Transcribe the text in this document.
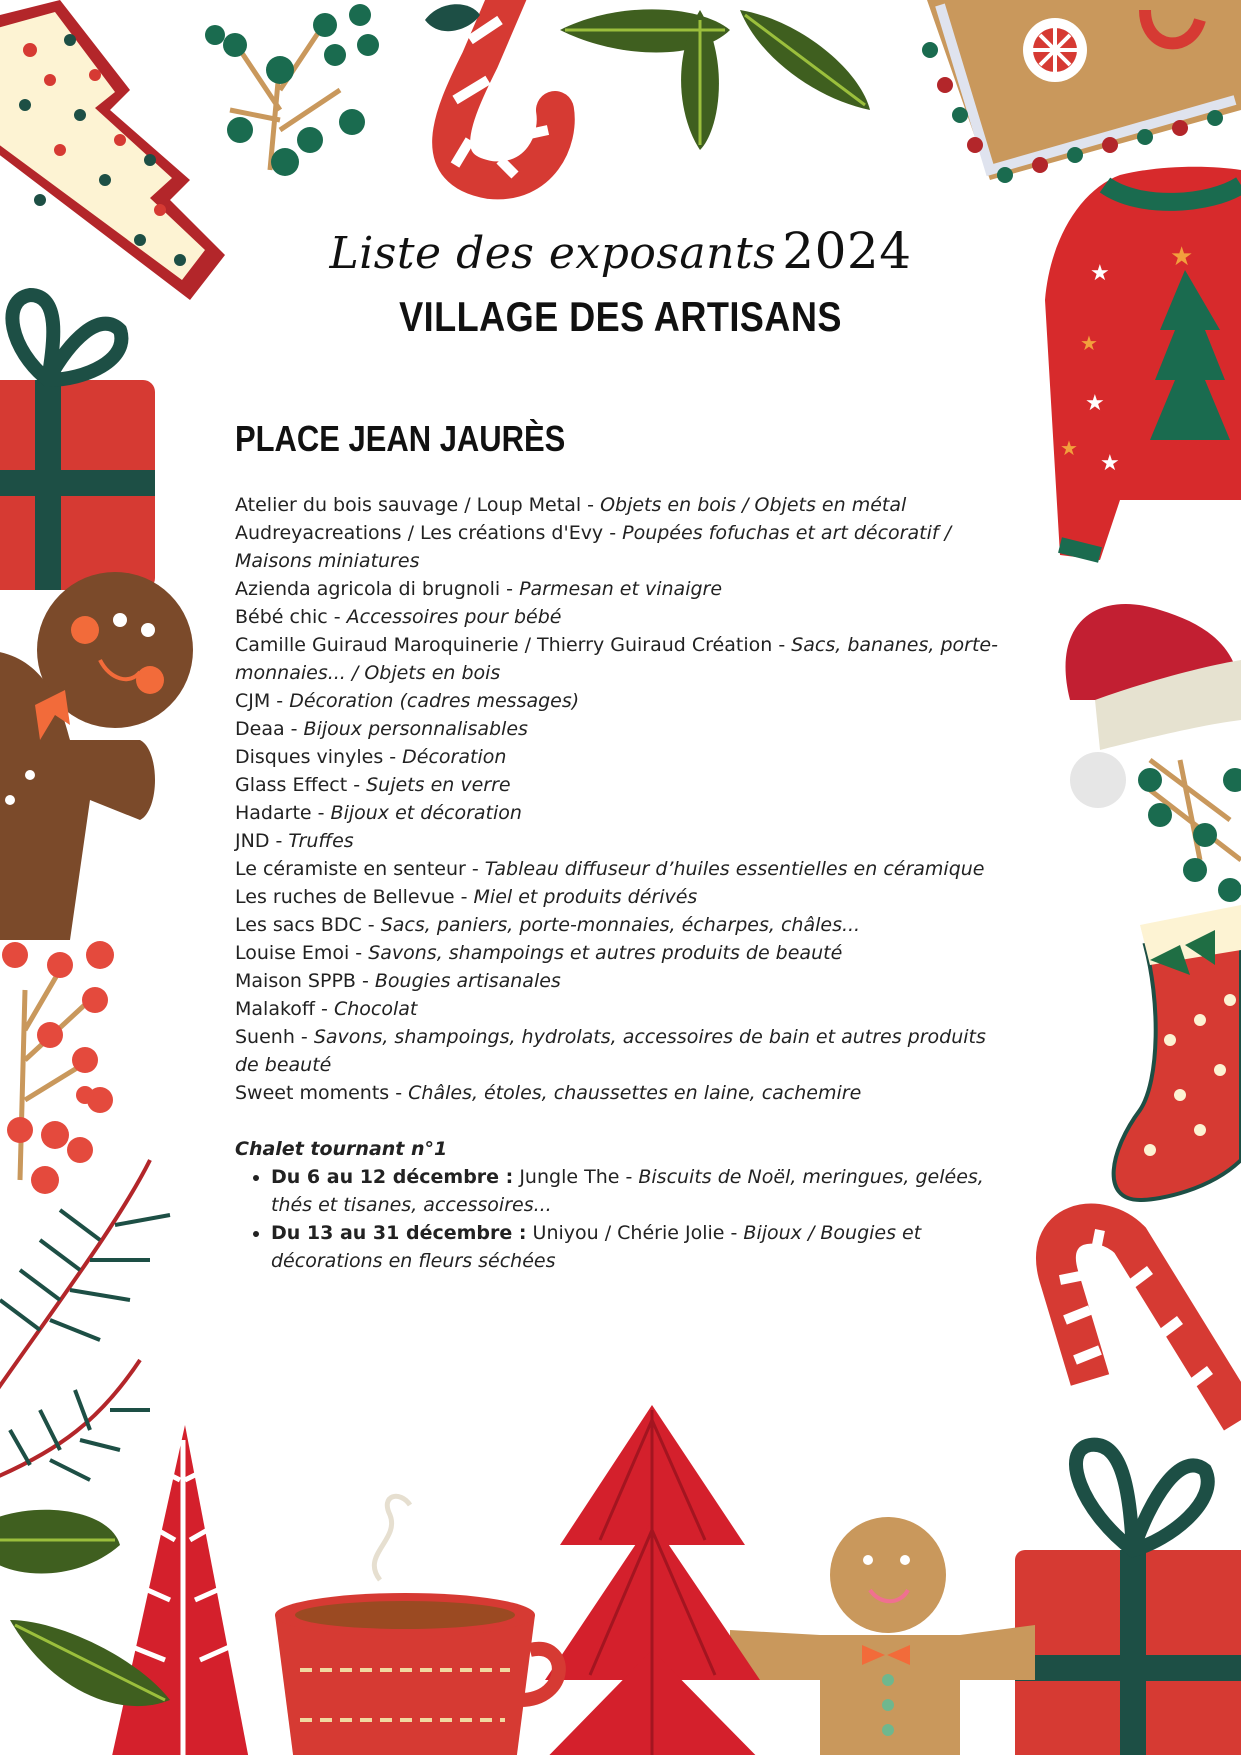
★
★
★
★
★
★
Liste des exposants 2024
VILLAGE DES ARTISANS
PLACE JEAN JAURÈS

Atelier du bois sauvage / Loup Metal - Objets en bois / Objets en métal

Audreyacreations / Les créations d'Evy - Poupées fofuchas et art décoratif / Maisons miniatures

Azienda agricola di brugnoli - Parmesan et vinaigre

Bébé chic - Accessoires pour bébé

Camille Guiraud Maroquinerie / Thierry Guiraud Création - Sacs, bananes, porte-monnaies... / Objets en bois

CJM - Décoration (cadres messages)

Deaa - Bijoux personnalisables

Disques vinyles - Décoration

Glass Effect - Sujets en verre

Hadarte - Bijoux et décoration

JND - Truffes

Le céramiste en senteur - Tableau diffuseur d’huiles essentielles en céramique

Les ruches de Bellevue - Miel et produits dérivés

Les sacs BDC - Sacs, paniers, porte-monnaies, écharpes, châles...

Louise Emoi - Savons, shampoings et autres produits de beauté

Maison SPPB - Bougies artisanales

Malakoff - Chocolat

Suenh - Savons, shampoings, hydrolats, accessoires de bain et autres produits de beauté

Sweet moments - Châles, étoles, chaussettes en laine, cachemire

Chalet tournant n°1

• Du 6 au 12 décembre : Jungle The - Biscuits de Noël, meringues, gelées, thés et tisanes, accessoires...
• Du 13 au 31 décembre : Uniyou / Chérie Jolie - Bijoux / Bougies et décorations en fleurs séchées
